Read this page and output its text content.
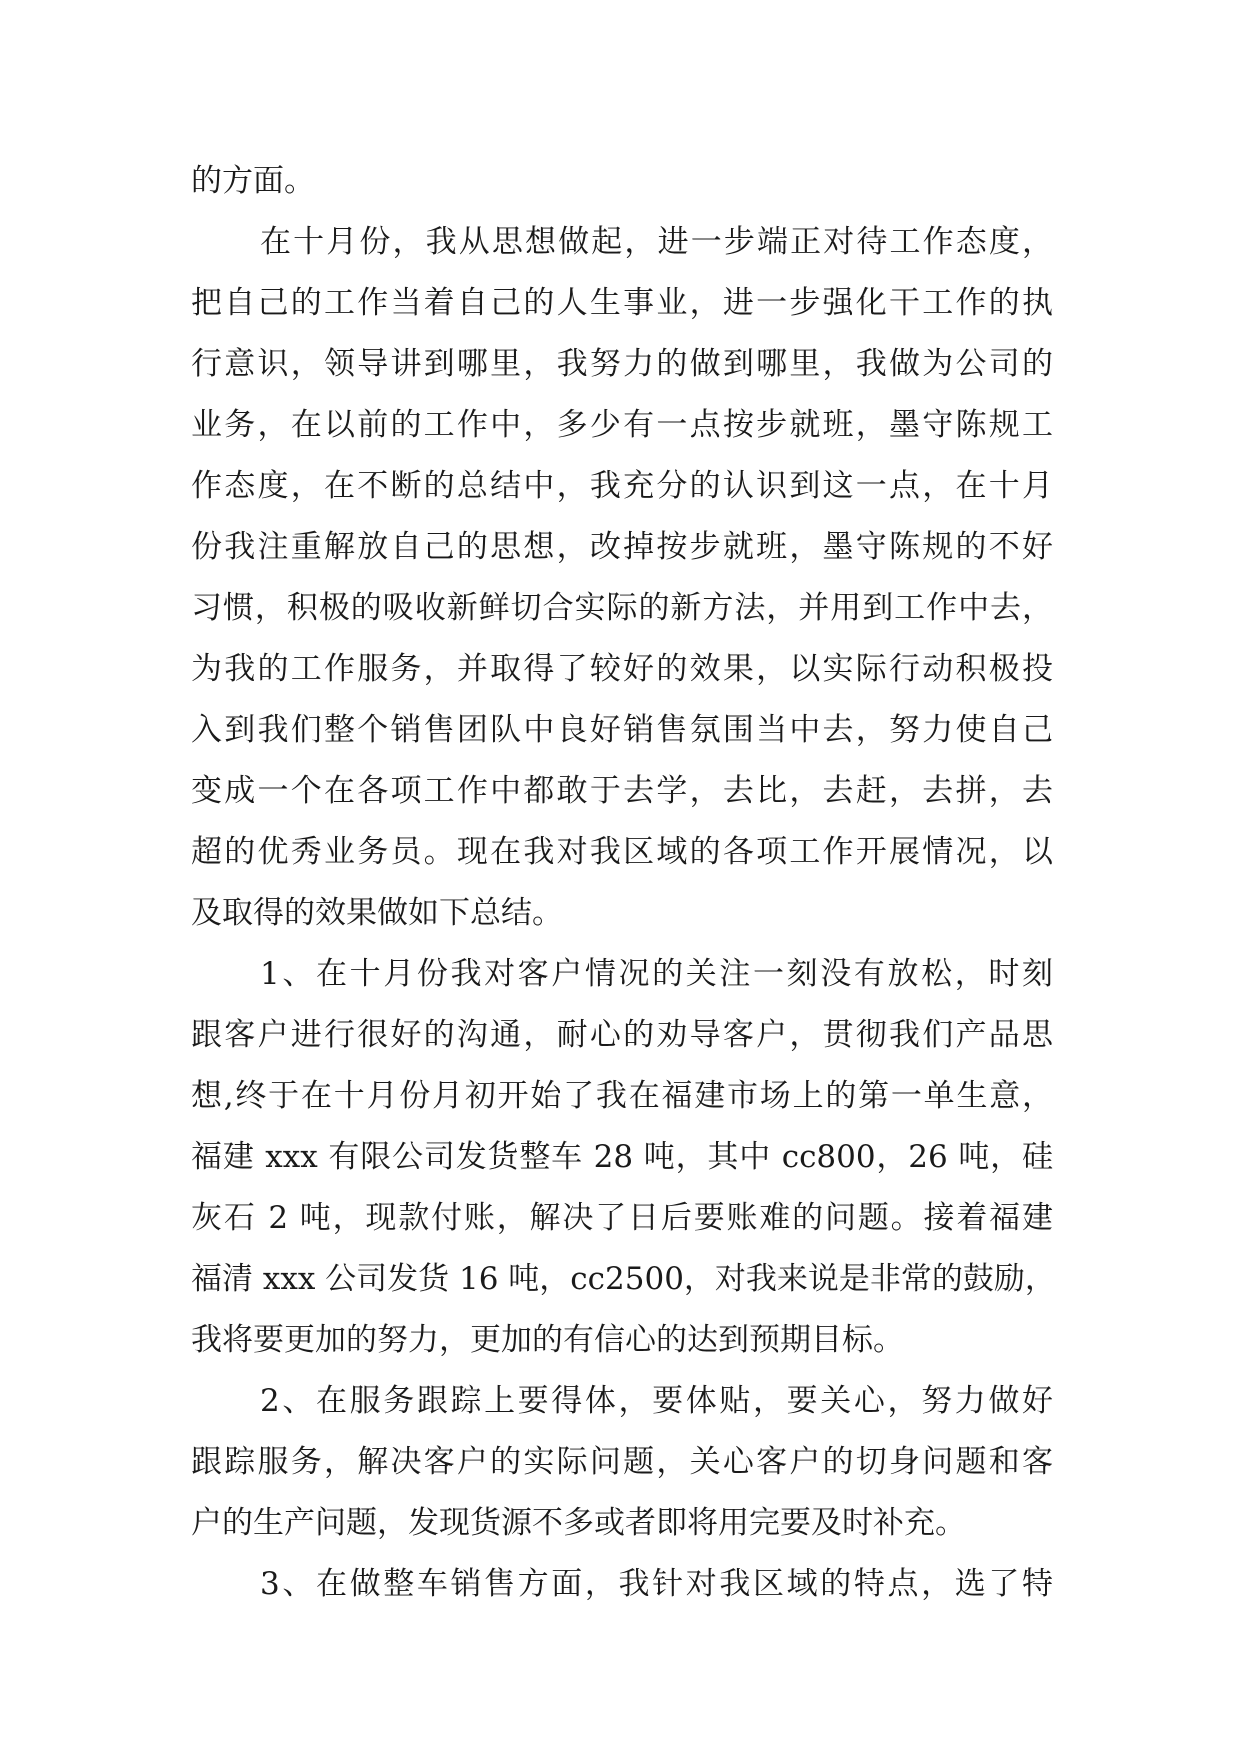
的方面。
在十月份，我从思想做起，进一步端正对待工作态度，
把自己的工作当着自己的人生事业，进一步强化干工作的执
行意识，领导讲到哪里，我努力的做到哪里，我做为公司的
业务，在以前的工作中，多少有一点按步就班，墨守陈规工
作态度，在不断的总结中，我充分的认识到这一点，在十月
份我注重解放自己的思想，改掉按步就班，墨守陈规的不好
习惯，积极的吸收新鲜切合实际的新方法，并用到工作中去，
为我的工作服务，并取得了较好的效果，以实际行动积极投
入到我们整个销售团队中良好销售氛围当中去，努力使自己
变成一个在各项工作中都敢于去学，去比，去赶，去拼，去
超的优秀业务员。现在我对我区域的各项工作开展情况，以
及取得的效果做如下总结。
1、在十月份我对客户情况的关注一刻没有放松，时刻
跟客户进行很好的沟通，耐心的劝导客户，贯彻我们产品思
想,终于在十月份月初开始了我在福建市场上的第一单生意，
福建 xxx 有限公司发货整车 28 吨，其中 cc800，26 吨，硅
灰石 2 吨，现款付账，解决了日后要账难的问题。接着福建
福清 xxx 公司发货 16 吨，cc2500，对我来说是非常的鼓励，
我将要更加的努力，更加的有信心的达到预期目标。
2、在服务跟踪上要得体，要体贴，要关心，努力做好
跟踪服务，解决客户的实际问题，关心客户的切身问题和客
户的生产问题，发现货源不多或者即将用完要及时补充。
3、在做整车销售方面，我针对我区域的特点，选了特
